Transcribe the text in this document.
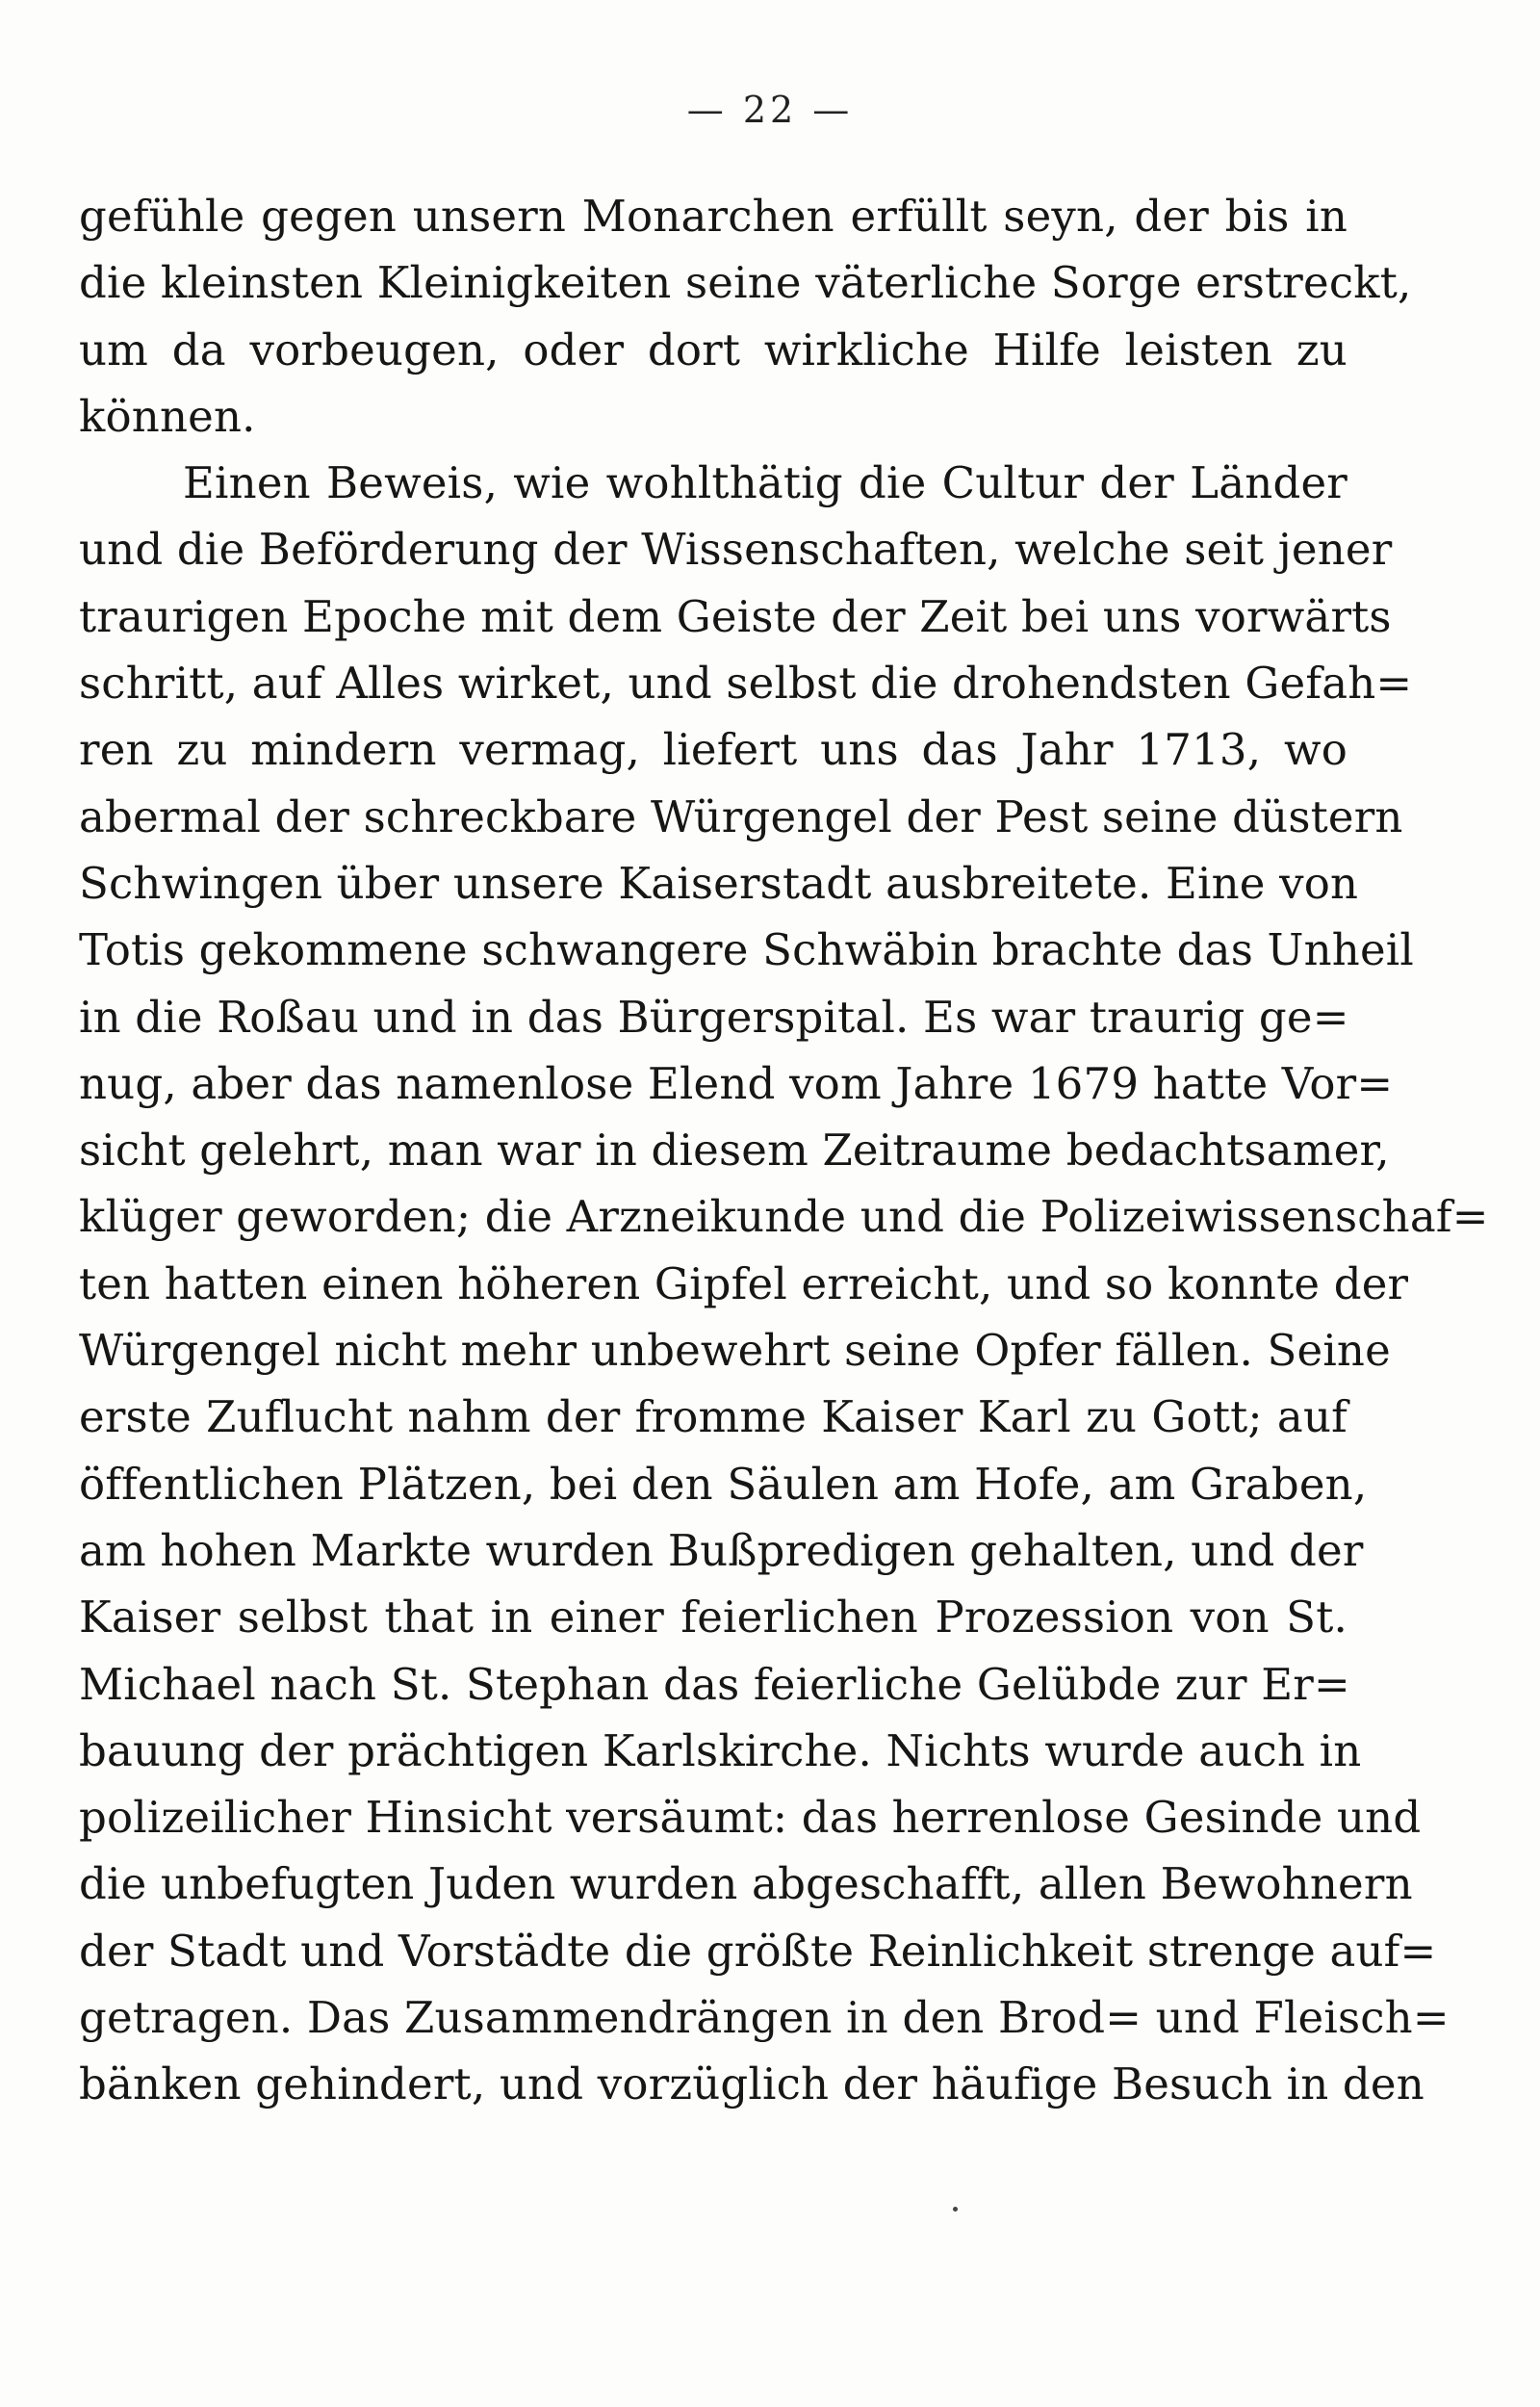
— 22 —
gefühle gegen unsern Monarchen erfüllt seyn, der bis in
die kleinsten Kleinigkeiten seine väterliche Sorge erstreckt,
um da vorbeugen, oder dort wirkliche Hilfe leisten zu
können.
Einen Beweis, wie wohlthätig die Cultur der Länder
und die Beförderung der Wissenschaften, welche seit jener
traurigen Epoche mit dem Geiste der Zeit bei uns vorwärts
schritt, auf Alles wirket, und selbst die drohendsten Gefah=
ren zu mindern vermag, liefert uns das Jahr 1713, wo
abermal der schreckbare Würgengel der Pest seine düstern
Schwingen über unsere Kaiserstadt ausbreitete. Eine von
Totis gekommene schwangere Schwäbin brachte das Unheil
in die Roßau und in das Bürgerspital. Es war traurig ge=
nug, aber das namenlose Elend vom Jahre 1679 hatte Vor=
sicht gelehrt, man war in diesem Zeitraume bedachtsamer,
klüger geworden; die Arzneikunde und die Polizeiwissenschaf=
ten hatten einen höheren Gipfel erreicht, und so konnte der
Würgengel nicht mehr unbewehrt seine Opfer fällen. Seine
erste Zuflucht nahm der fromme Kaiser Karl zu Gott; auf
öffentlichen Plätzen, bei den Säulen am Hofe, am Graben,
am hohen Markte wurden Bußpredigen gehalten, und der
Kaiser selbst that in einer feierlichen Prozession von St.
Michael nach St. Stephan das feierliche Gelübde zur Er=
bauung der prächtigen Karlskirche. Nichts wurde auch in
polizeilicher Hinsicht versäumt: das herrenlose Gesinde und
die unbefugten Juden wurden abgeschafft, allen Bewohnern
der Stadt und Vorstädte die größte Reinlichkeit strenge auf=
getragen. Das Zusammendrängen in den Brod= und Fleisch=
bänken gehindert, und vorzüglich der häufige Besuch in den
